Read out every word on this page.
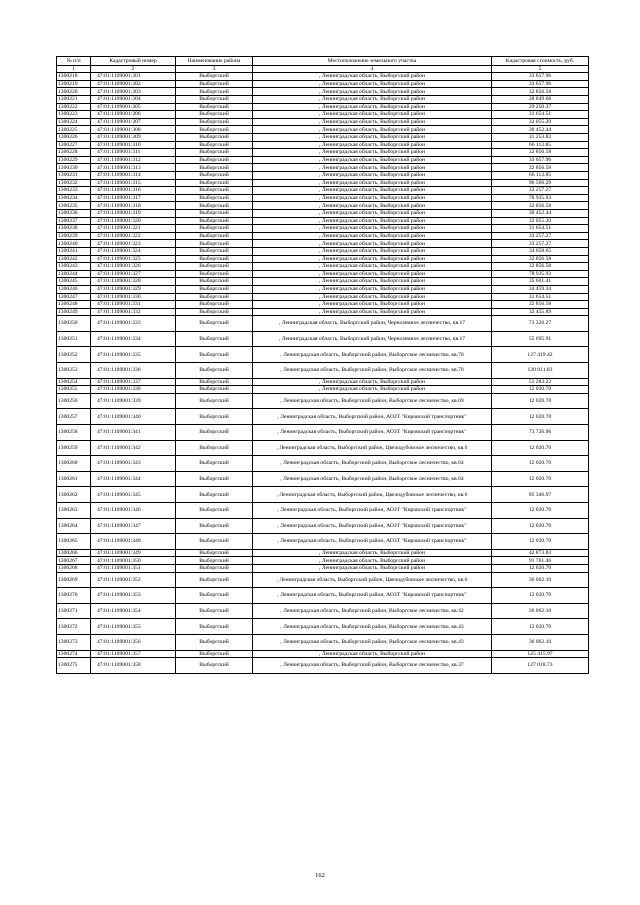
№ п/п	Кадастровый номер	Наименование района	Местоположение земельного участка	Кадастровая стоимость, руб.
1	2	3	4	5
1300218	47:01:1109001:301	Выборгский	, Ленинградская область, Выборгский район	33 657.96
1300219	47:01:1109001:302	Выборгский	, Ленинградская область, Выборгский район	33 657.96
1300220	47:01:1109001:303	Выборгский	, Ленинградская область, Выборгский район	32 856.58
1300221	47:01:1109001:304	Выборгский	, Ленинградская область, Выборгский район	28 849.68
1300222	47:01:1109001:305	Выборгский	, Ленинградская область, Выборгский район	29 250.37
1300223	47:01:1109001:306	Выборгский	, Ленинградская область, Выборгский район	31 654.51
1300224	47:01:1109001:307	Выборгский	, Ленинградская область, Выборгский район	32 055.20
1300225	47:01:1109001:308	Выборгский	, Ленинградская область, Выборгский район	30 452.44
1300226	47:01:1109001:309	Выборгский	, Ленинградская область, Выборгский район	31 253.82
1300227	47:01:1109001:310	Выборгский	, Ленинградская область, Выборгский район	66 113.85
1300228	47:01:1109001:311	Выборгский	, Ленинградская область, Выборгский район	32 856.58
1300229	47:01:1109001:312	Выборгский	, Ленинградская область, Выборгский район	33 657.96
1300230	47:01:1109001:313	Выборгский	, Ленинградская область, Выборгский район	32 856.58
1300231	47:01:1109001:314	Выборгский	, Ленинградская область, Выборгский район	66 113.85
1300232	47:01:1109001:315	Выборгский	, Ленинградская область, Выборгский район	96 566.29
1300233	47:01:1109001:316	Выборгский	, Ленинградская область, Выборгский район	33 257.27
1300234	47:01:1109001:317	Выборгский	, Ленинградская область, Выборгский район	78 935.93
1300235	47:01:1109001:318	Выборгский	, Ленинградская область, Выборгский район	32 856.58
1300236	47:01:1109001:319	Выборгский	, Ленинградская область, Выборгский район	30 452.44
1300237	47:01:1109001:320	Выборгский	, Ленинградская область, Выборгский район	32 055.20
1300238	47:01:1109001:321	Выборгский	, Ленинградская область, Выборгский район	31 654.51
1300239	47:01:1109001:322	Выборгский	, Ленинградская область, Выборгский район	33 257.27
1300240	47:01:1109001:323	Выборгский	, Ленинградская область, Выборгский район	33 257.27
1300241	47:01:1109001:324	Выборгский	, Ленинградская область, Выборгский район	34 058.65
1300242	47:01:1109001:325	Выборгский	, Ленинградская область, Выборгский район	32 856.58
1300243	47:01:1109001:326	Выборгский	, Ленинградская область, Выборгский район	32 856.58
1300244	47:01:1109001:327	Выборгский	, Ленинградская область, Выборгский район	78 935.93
1300245	47:01:1109001:328	Выборгский	, Ленинградская область, Выборгский район	35 661.41
1300246	47:01:1109001:329	Выборгский	, Ленинградская область, Выборгский район	34 459.34
1300247	47:01:1109001:330	Выборгский	, Ленинградская область, Выборгский район	31 654.51
1300248	47:01:1109001:331	Выборгский	, Ленинградская область, Выборгский район	32 856.58
1300249	47:01:1109001:332	Выборгский	, Ленинградская область, Выборгский район	32 455.89
1300250	47:01:1109001:333	Выборгский	, Ленинградская область, Выборгский район, Черноземное лесничество, кв.17	73 326.27
1300251	47:01:1109001:334	Выборгский	, Ленинградская область, Выборгский район, Черноземное лесничество, кв.17	55 695.91
1300252	47:01:1109001:335	Выборгский	, Ленинградская область, Выборгский район, Выборгское лесничество, кв.70	127 419.42
1300253	47:01:1109001:336	Выборгский	, Ленинградская область, Выборгский район, Выборгское лесничество, кв.70	120 011.83
1300254	47:01:1109001:337	Выборгский	, Ленинградская область, Выборгский район	51 283.22
1300255	47:01:1109001:338	Выборгский	, Ленинградская область, Выборгский район	12 020.70
1300256	47:01:1109001:339	Выборгский	, Ленинградская область, Выборгский район, Выборгское лесничество, кв.69	12 020.70
1300257	47:01:1109001:340	Выборгский	, Ленинградская область, Выборгский район, АОЗТ "Кировский транспортник"	12 020.70
1300258	47:01:1109001:341	Выборгский	, Ленинградская область, Выборгский район, АОЗТ "Кировский транспортник"	73 726.96
1300259	47:01:1109001:342	Выборгский	, Ленинградская область, Выборгский район, Цвелодубовское лесничество, кв.6	12 020.70
1300260	47:01:1109001:343	Выборгский	, Ленинградская область, Выборгский район, Выборгское лесничество, кв.64	12 020.70
1300261	47:01:1109001:344	Выборгский	, Ленинградская область, Выборгский район, Выборгское лесничество, кв.64	12 020.70
1300262	47:01:1109001:345	Выборгский	, Ленинградская область, Выборгский район, Цвелодубовское лесничество, кв.6	85 346.97
1300263	47:01:1109001:346	Выборгский	, Ленинградская область, Выборгский район, АОЗТ "Кировский транспортник"	12 020.70
1300264	47:01:1109001:347	Выборгский	, Ленинградская область, Выборгский район, АОЗТ "Кировский транспортник"	12 020.70
1300265	47:01:1109001:348	Выборгский	, Ленинградская область, Выборгский район, АОЗТ "Кировский транспортник"	12 020.70
1300266	47:01:1109001:349	Выборгский	, Ленинградская область, Выборгский район	42 873.83
1300267	47:01:1109001:350	Выборгский	, Ленинградская область, Выборгский район	91 761.46
1300268	47:01:1109001:351	Выборгский	, Ленинградская область, Выборгский район	12 020.70
1300269	47:01:1109001:352	Выборгский	, Ленинградская область, Выборгский район, Цвелодубовское лесничество, кв.6	36 062.10
1300270	47:01:1109001:353	Выборгский	, Ленинградская область, Выборгский район, АОЗТ "Кировский транспортник"	12 020.70
1300271	47:01:1109001:354	Выборгский	, Ленинградская область, Выборгский район, Выборгское лесничество, кв.42	36 062.10
1300272	47:01:1109001:355	Выборгский	, Ленинградская область, Выборгский район, Выборгское лесничество, кв.43	12 020.70
1300273	47:01:1109001:356	Выборгский	, Ленинградская область, Выборгский район, Выборгское лесничество, кв.43	36 062.10
1300274	47:01:1109001:357	Выборгский	, Ленинградская область, Выборгский район	125 415.97
1300275	47:01:1109001:358	Выборгский	, Ленинградская область, Выборгский район, Выборгское лесничество, кв.37	127 018.73
162
